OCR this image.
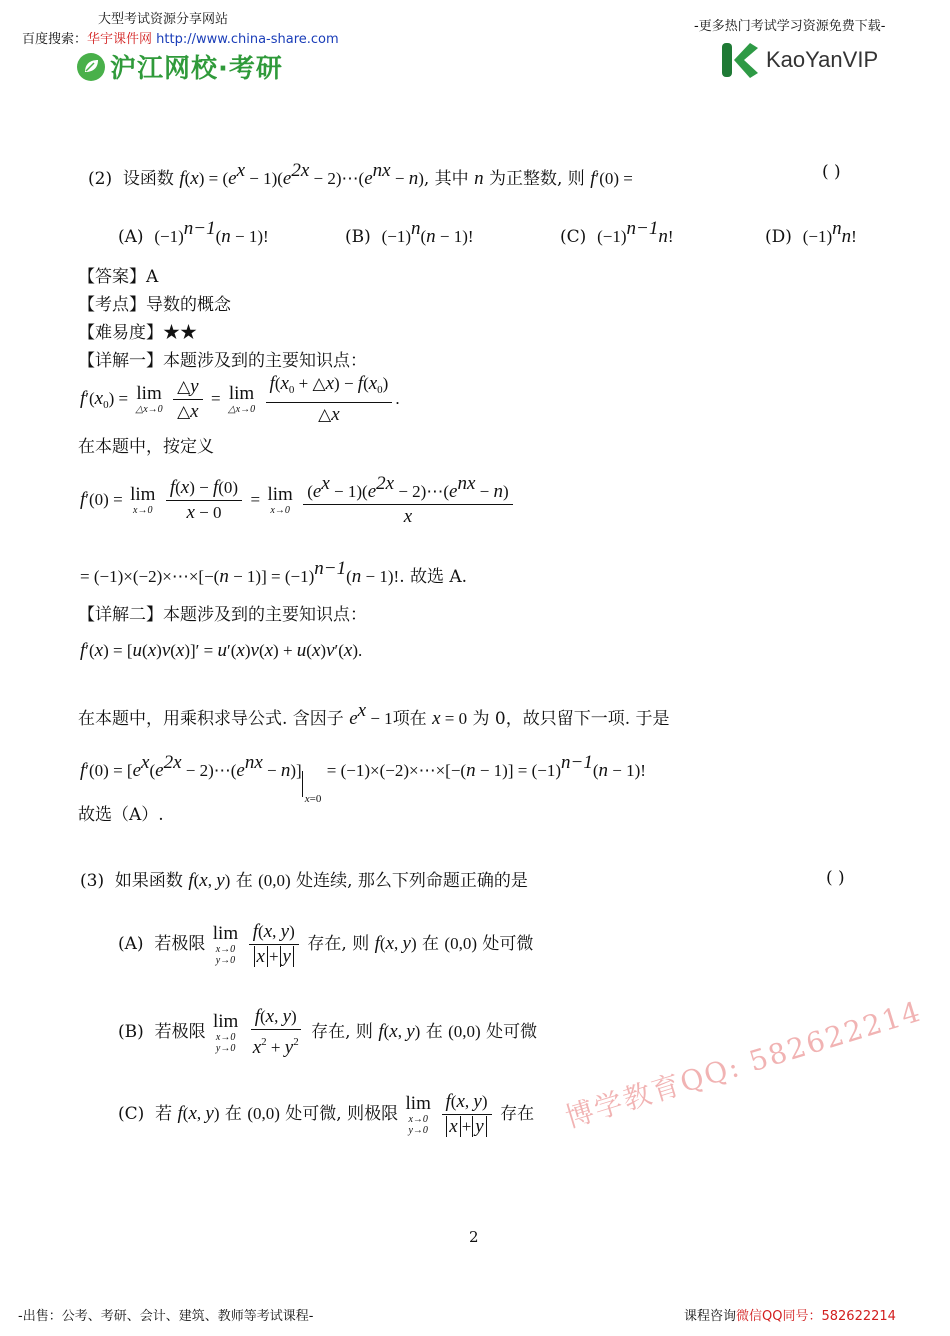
大型考试资源分享网站
百度搜索：华宇课件网 http://www.china-share.com
沪江网校·考研
-更多热门考试学习资源免费下载-
KaoYanVIP
(2) 设函数 $f(x) = (e^x - 1)(e^{2x}$ − $2)\cdots(e^{nx} - n)$, 其中 n 为正整数, 则 f′(0) =	( )
(A) $(-1)^{n-1}(n - 1)$!	(B) $(-1)^n(n - 1)$!	(C) $(-1)^{n-1}n$!	(D) $(-1)^nn$!
【答案】A
【考点】导数的概念
【难易度】★★
【详解一】本题涉及到的主要知识点：
$f'(x_0) = \lim$
△x→0
$\frac{\triangle y}{\triangle x} = \lim$
△x→0
$\frac{f(x_0 + \triangle x) - f(x_0)}{\triangle x}$ .
在本题中，按定义
f′(0) = lim
x→0
$\frac{f(x) - f(0)}{x - 0} = \lim$
x→0
$\frac{(e^x - 1)(e^{2x} - 2)\cdots(e^{nx} - n)}{x}$
= (−1)×(−2)×⋯×[−(n − $1)] = (-1)^{n-1}(n - 1)$!. 故选 A.
【详解二】本题涉及到的主要知识点：
f′(x) = [u(x)v(x)]′ = u′(x)v(x) + u(x)v′(x).
在本题中，用乘积求导公式. 含因子 $e^x - 1$项在 x = 0 为 0，故只留下一项. 于是
$f'(0) = [e^x(e^{2x}$ − $2)\cdots(e^{nx} - n)]_{x=0}$ = (−1)×(−2)×⋯×[−(n − $1)] = (-1)^{n-1}(n - 1)$!
故选（A）.
(3) 如果函数 f(x, y) 在 (0,0) 处连续, 那么下列命题正确的是	( )
(A) 若极限
lim
x→0
y→0
$\frac{f(x, y)}{x + y}$ 存在, 则 f(x, y) 在 (0,0) 处可微
(B) 若极限
lim
x→0
y→0
$\frac{f(x, y)}{x^2 + y^2}$ 存在, 则 f(x, y) 在 (0,0) 处可微
(C) 若 f(x, y) 在 (0,0) 处可微, 则极限
lim
x→0
y→0
$\frac{f(x, y)}{x + y}$ 存在 博学教育QQ: 582622214
2
-出售：公考、考研、会计、建筑、教师等考试课程-	课程咨询微信QQ同号：582622214
